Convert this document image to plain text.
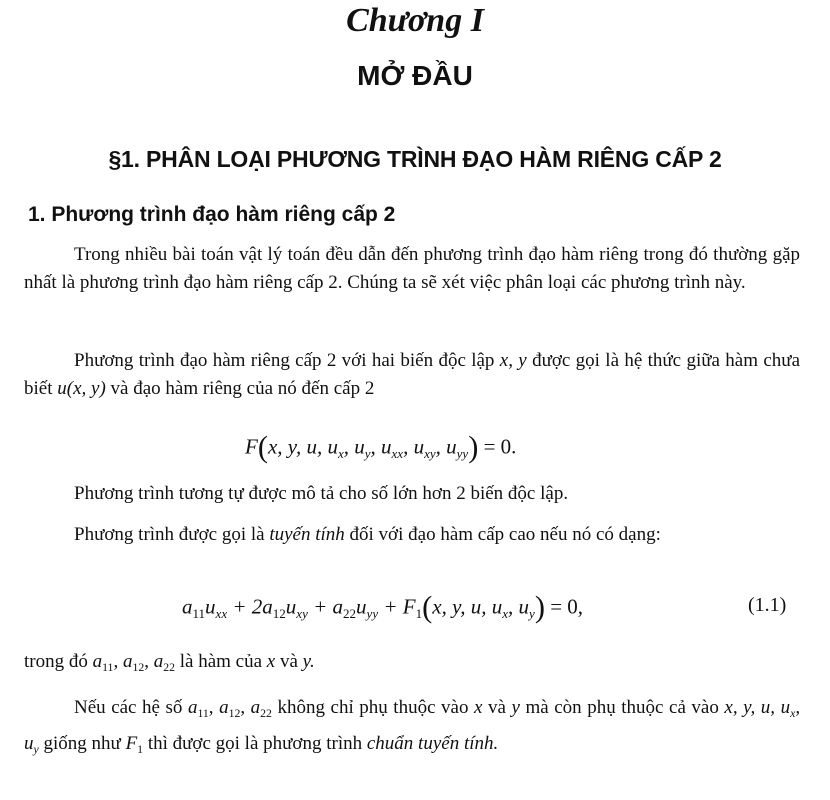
Chương I
MỞ ĐẦU
§1. PHÂN LOẠI PHƯƠNG TRÌNH ĐẠO HÀM RIÊNG CẤP 2
1. Phương trình đạo hàm riêng cấp 2
Trong nhiều bài toán vật lý toán đều dẫn đến phương trình đạo hàm riêng trong đó thường gặp nhất là phương trình đạo hàm riêng cấp 2. Chúng ta sẽ xét việc phân loại các phương trình này.
Phương trình đạo hàm riêng cấp 2 với hai biến độc lập x, y được gọi là hệ thức giữa hàm chưa biết u(x, y) và đạo hàm riêng của nó đến cấp 2
F(x, y, u, $u_x$, $u_y$, $u_{xx}$, $u_{xy}$, $u_{yy}) = 0$.
Phương trình tương tự được mô tả cho số lớn hơn 2 biến độc lập.
Phương trình được gọi là tuyến tính đối với đạo hàm cấp cao nếu nó có dạng:
$a_{11}u_{xx} + 2a_{12}u_{xy} + a_{22}u_{yy} + F_1(x$, y, u, $u_x$, $u_y) = 0$,	(1.1)
trong đó $a_{11}$, $a_{12}$, $a_{22}$ là hàm của x và y.
Nếu các hệ số $a_{11}$, $a_{12}$, $a_{22}$ không chỉ phụ thuộc vào x và y mà còn phụ thuộc cả vào x, y, u, $u_x$, $u_y$ giống như $F_1$ thì được gọi là phương trình chuẩn tuyến tính.
